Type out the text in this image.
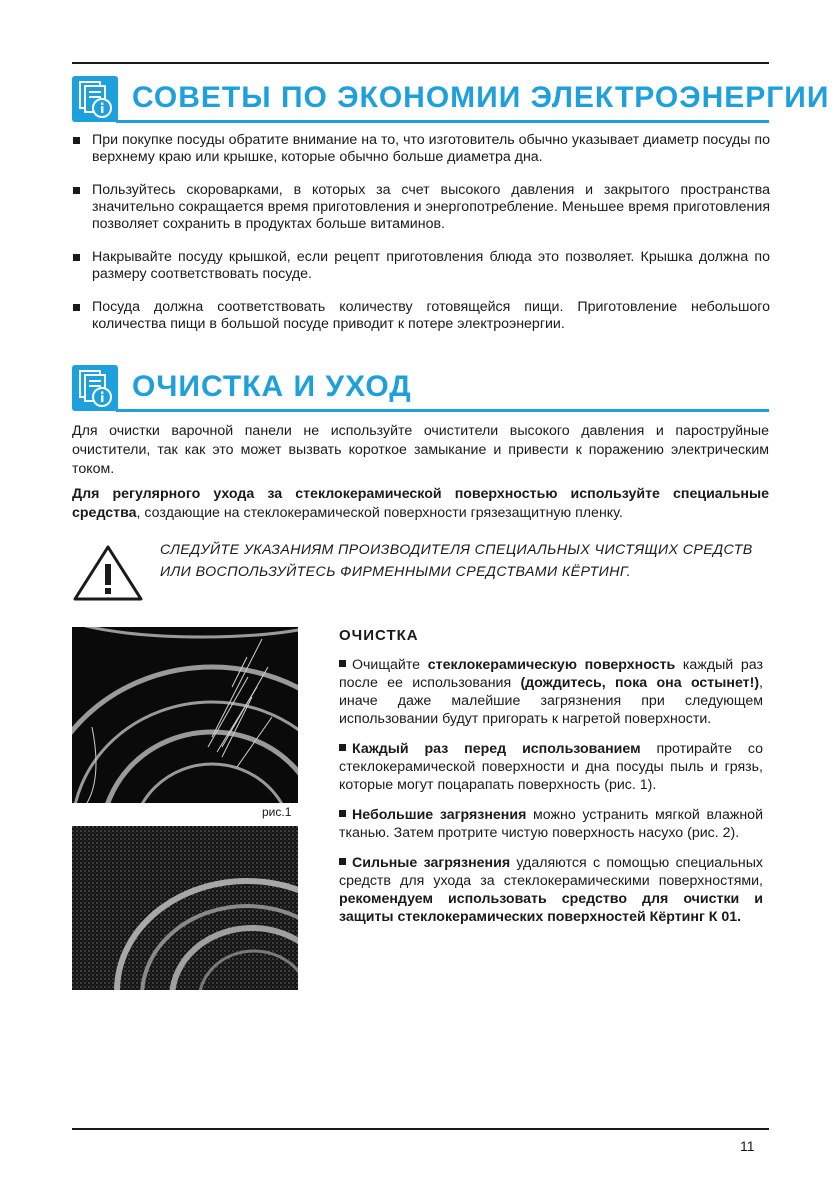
СОВЕТЫ ПО ЭКОНОМИИ ЭЛЕКТРОЭНЕРГИИ
При покупке посуды обратите внимание на то, что изготовитель обычно указывает диаметр посуды по верхнему краю или крышке, которые обычно больше диаметра дна.
Пользуйтесь скороварками, в которых за счет высокого давления и закрытого пространства значительно сокращается время приготовления и энергопотребление. Меньшее время приготовления позволяет сохранить в продуктах больше витаминов.
Накрывайте посуду крышкой, если рецепт приготовления блюда это позволяет. Крышка должна по размеру соответствовать посуде.
Посуда должна соответствовать количеству готовящейся пищи. Приготовление небольшого количества пищи в большой посуде приводит к потере электроэнергии.
ОЧИСТКА И УХОД

Для очистки варочной панели не используйте очистители высокого давления и пароструйные очистители, так как это может вызвать короткое замыкание и привести к поражению электрическим током.

Для регулярного ухода за стеклокерамической поверхностью используйте специальные средства, создающие на стеклокерамической поверхности грязезащитную пленку.

СЛЕДУЙТЕ УКАЗАНИЯМ ПРОИЗВОДИТЕЛЯ СПЕЦИАЛЬНЫХ ЧИСТЯЩИХ СРЕДСТВ
ИЛИ ВОСПОЛЬЗУЙТЕСЬ ФИРМЕННЫМИ СРЕДСТВАМИ КЁРТИНГ.
рис.1
ОЧИСТКА

Очищайте стеклокерамическую поверхность каждый раз после ее использования (дождитесь, пока она остынет!), иначе даже малейшие загрязнения при следующем использовании будут пригорать к нагретой поверхности.

Каждый раз перед использованием протирайте со стеклокерамической поверхности и дна посуды пыль и грязь, которые могут поцарапать поверхность (рис. 1).

Небольшие загрязнения можно устранить мягкой влажной тканью. Затем протрите чистую поверхность насухо (рис. 2).

Сильные загрязнения удаляются с помощью специальных средств для ухода за стеклокерамическими поверхностями, рекомендуем использовать средство для очистки и защиты стеклокерамических поверхностей Кёртинг К 01.

11
